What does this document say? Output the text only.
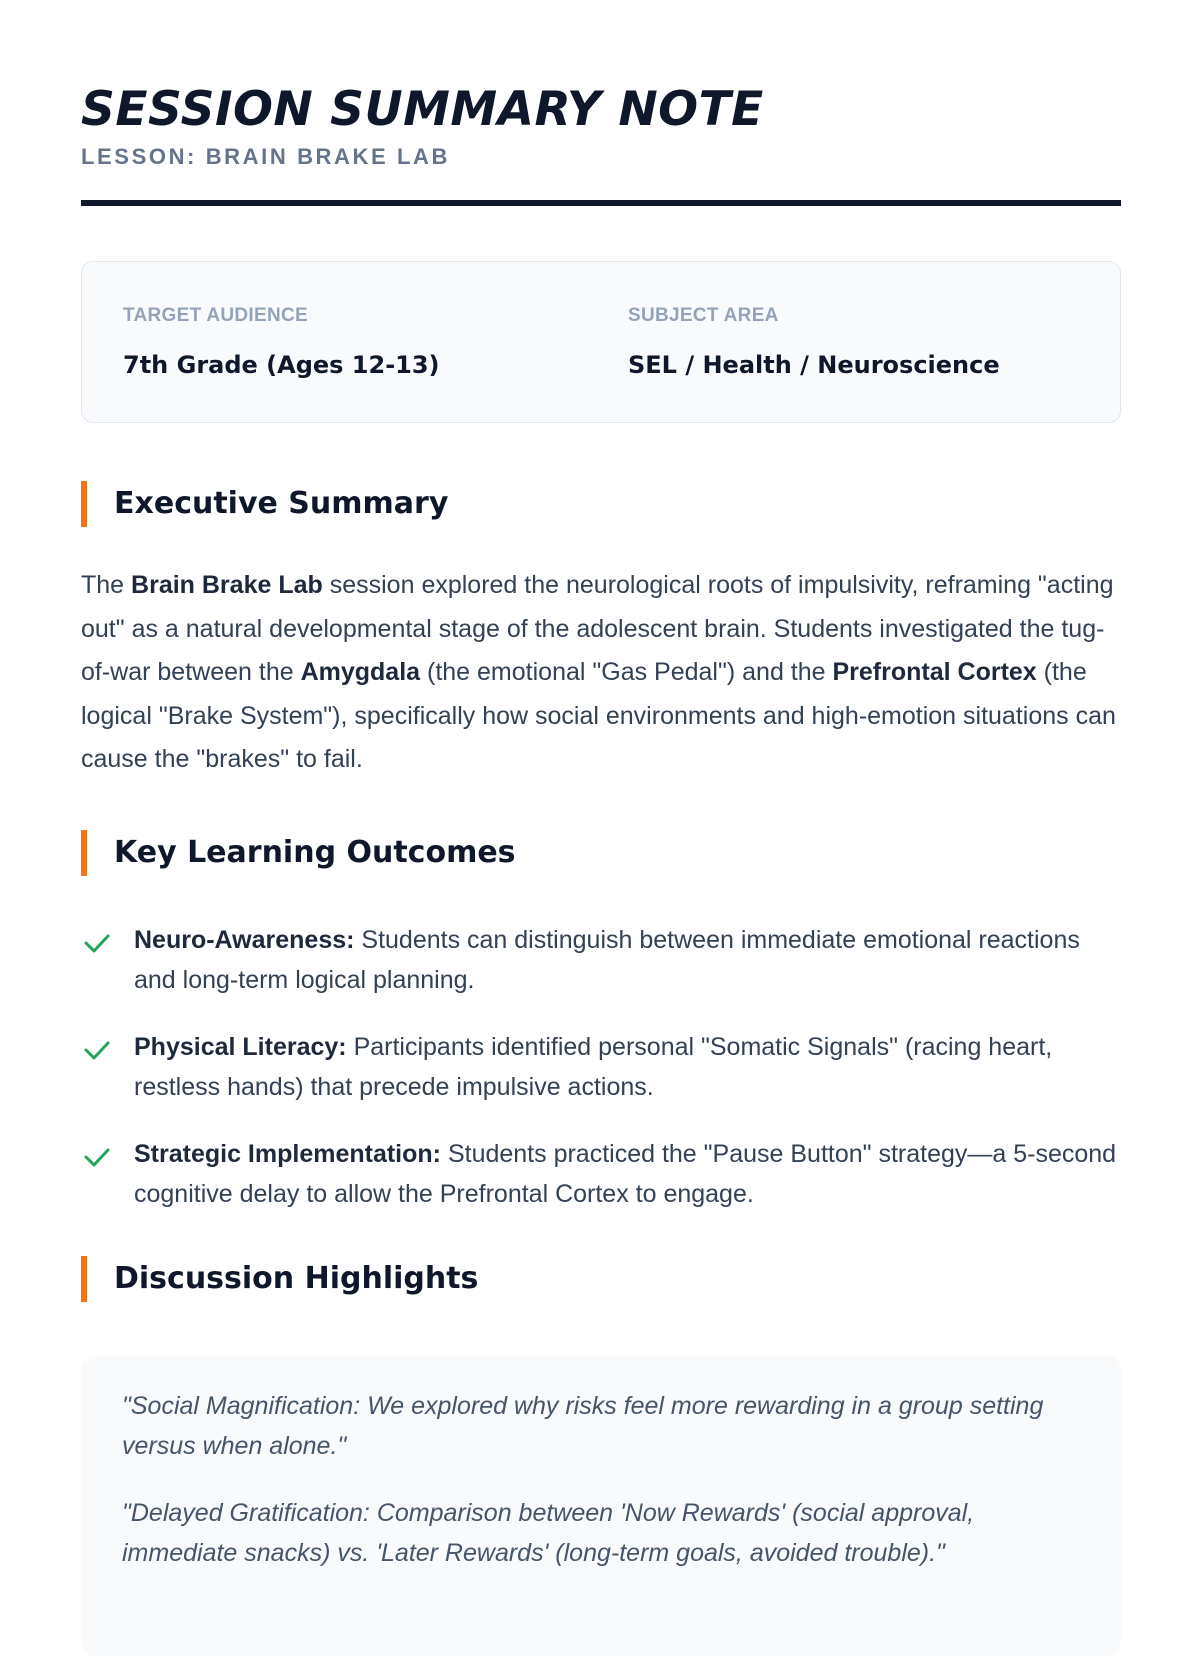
SESSION SUMMARY NOTE
LESSON: BRAIN BRAKE LAB
TARGET AUDIENCE
7th Grade (Ages 12-13)
SUBJECT AREA
SEL / Health / Neuroscience
Executive Summary

The Brain Brake Lab session explored the neurological roots of impulsivity, reframing "acting out" as a natural developmental stage of the adolescent brain. Students investigated the tug-of-war between the Amygdala (the emotional "Gas Pedal") and the Prefrontal Cortex (the logical "Brake System"), specifically how social environments and high-emotion situations can cause the "brakes" to fail.

Key Learning Outcomes
Neuro-Awareness: Students can distinguish between immediate emotional reactions and long-term logical planning.
Physical Literacy: Participants identified personal "Somatic Signals" (racing heart, restless hands) that precede impulsive actions.
Strategic Implementation: Students practiced the "Pause Button" strategy—a 5-second cognitive delay to allow the Prefrontal Cortex to engage.
Discussion Highlights

"Social Magnification: We explored why risks feel more rewarding in a group setting versus when alone."

"Delayed Gratification: Comparison between 'Now Rewards' (social approval, immediate snacks) vs. 'Later Rewards' (long-term goals, avoided trouble)."
